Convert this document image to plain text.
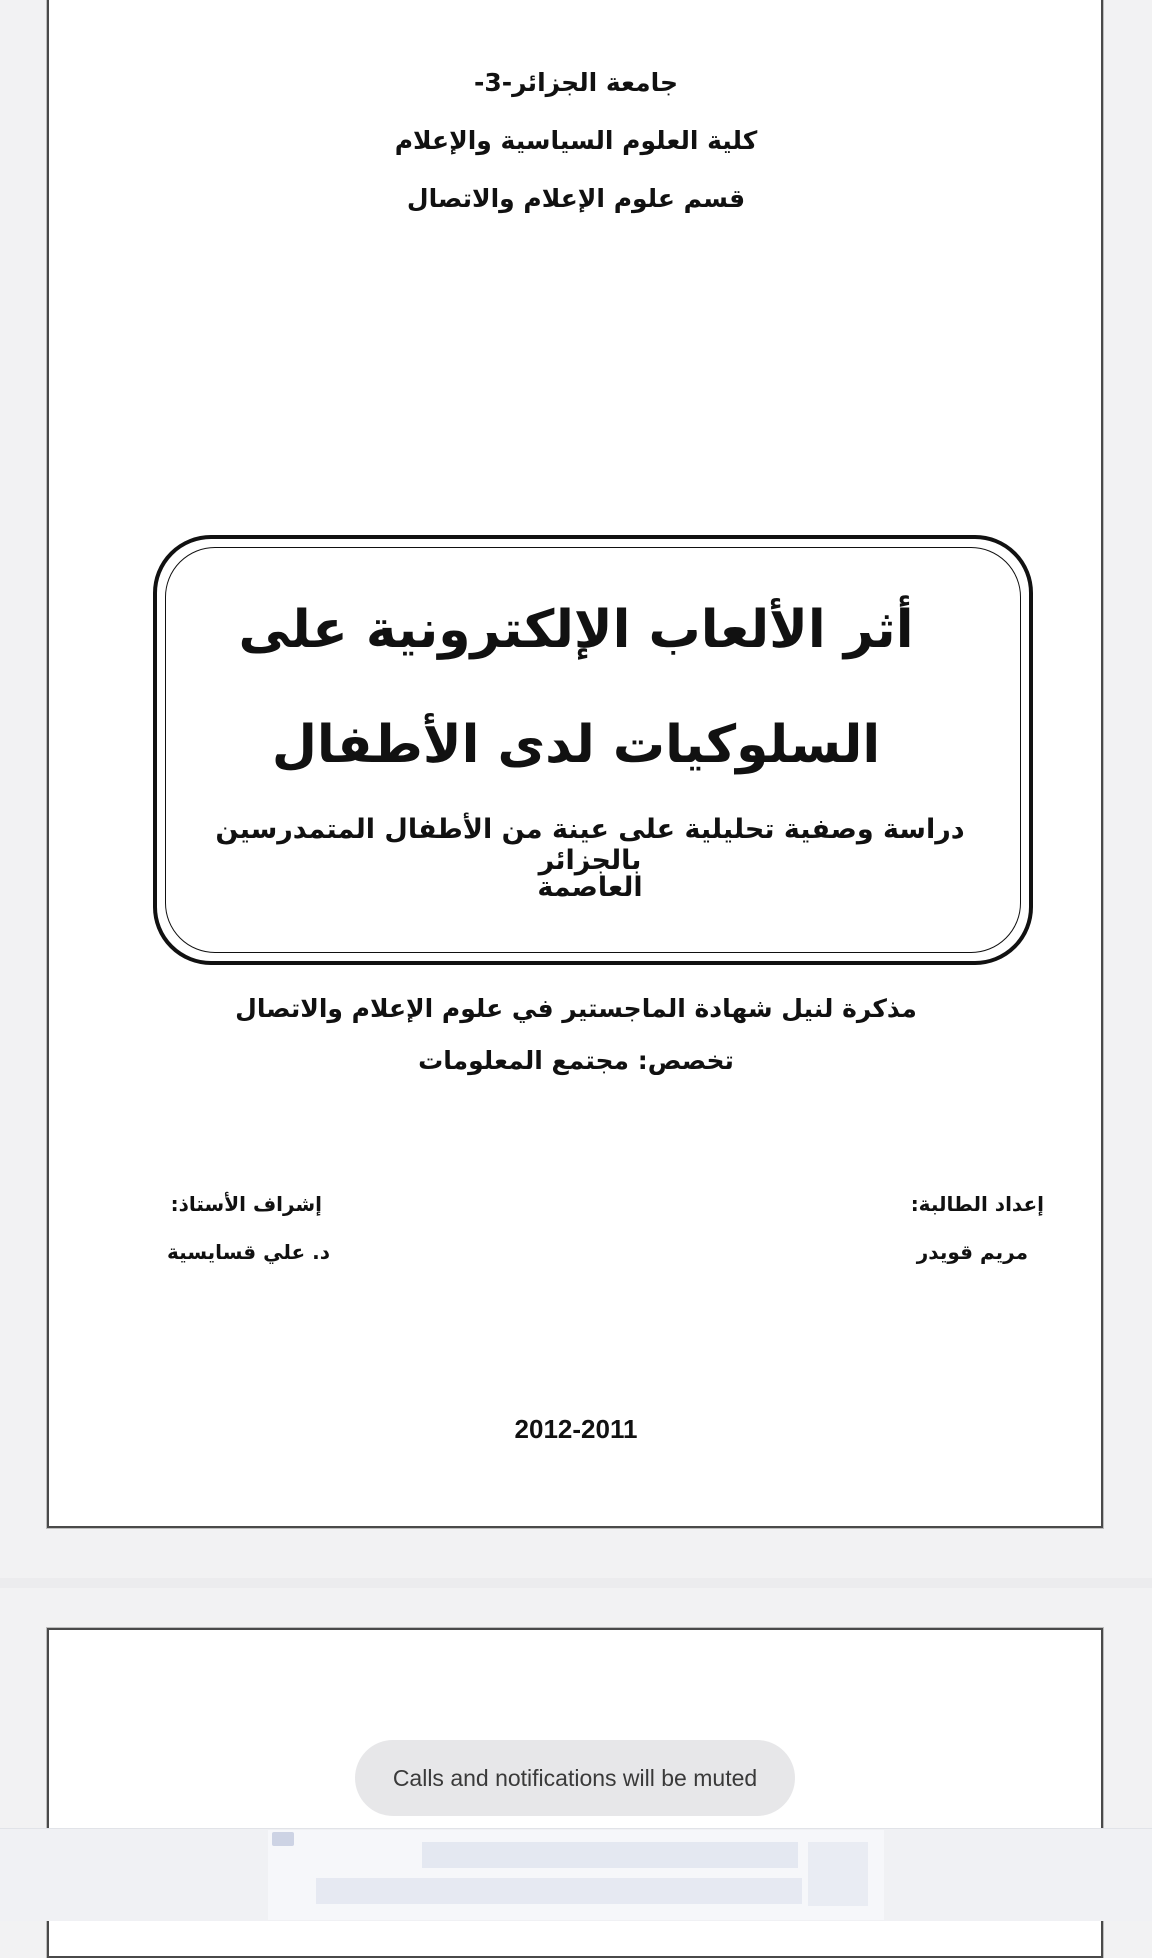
جامعة الجزائر-3-
كلية العلوم السياسية والإعلام
قسم علوم الإعلام والاتصال
أثر الألعاب الإلكترونية على
السلوكيات لدى الأطفال
دراسة وصفية تحليلية على عينة من الأطفال المتمدرسين بالجزائر
العاصمة
مذكرة لنيل شهادة الماجستير في علوم الإعلام والاتصال
تخصص: مجتمع المعلومات
إعداد الطالبة:
مريم قويدر
إشراف الأستاذ:
د. علي قسايسية
2012-2011
Calls and notifications will be muted
